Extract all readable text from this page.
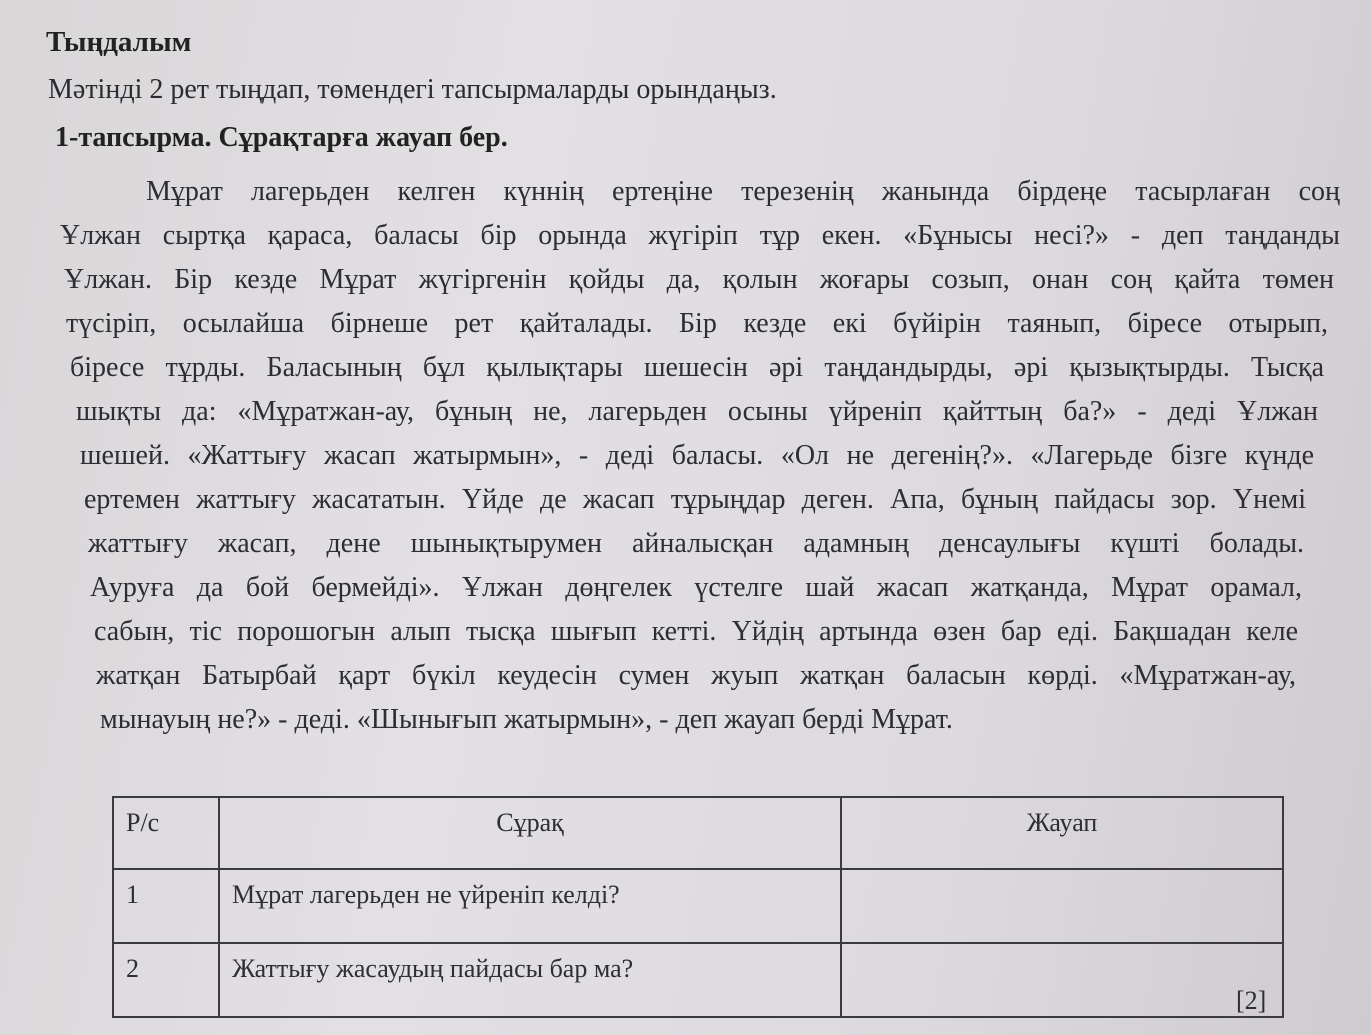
Тыңдалым
Мәтінді 2 рет тыңдап, төмендегі тапсырмаларды орындаңыз.
1-тапсырма. Сұрақтарға жауап бер.
Мұрат лагерьден келген күннің ертеңіне терезенің жанында бірдеңе тасырлаған соң
Ұлжан сыртқа қараса, баласы бір орында жүгіріп тұр екен. «Бұнысы несі?» - деп таңданды
Ұлжан. Бір кезде Мұрат жүгіргенін қойды да, қолын жоғары созып, онан соң қайта төмен
түсіріп, осылайша бірнеше рет қайталады. Бір кезде екі бүйірін таянып, біресе отырып,
біресе тұрды. Баласының бұл қылықтары шешесін әрі таңдандырды, әрі қызықтырды. Тысқа
шықты да: «Мұратжан-ау, бұның не, лагерьден осыны үйреніп қайттың ба?» - деді Ұлжан
шешей. «Жаттығу жасап жатырмын», - деді баласы. «Ол не дегенің?». «Лагерьде бізге күнде
ертемен жаттығу жасататын. Үйде де жасап тұрыңдар деген. Апа, бұның пайдасы зор. Үнемі
жаттығу жасап, дене шынықтырумен айналысқан адамның денсаулығы күшті болады.
Ауруға да бой бермейді». Ұлжан дөңгелек үстелге шай жасап жатқанда, Мұрат орамал,
сабын, тіс порошогын алып тысқа шығып кетті. Үйдің артында өзен бар еді. Бақшадан келе
жатқан Батырбай қарт бүкіл кеудесін сумен жуып жатқан баласын көрді. «Мұратжан-ау,
мынауың не?» - деді. «Шынығып жатырмын», - деп жауап берді Мұрат.
Р/с	Сұрақ	Жауап
1	Мұрат лагерьден не үйреніп келді?	
2	Жаттығу жасаудың пайдасы бар ма?	
[2]
